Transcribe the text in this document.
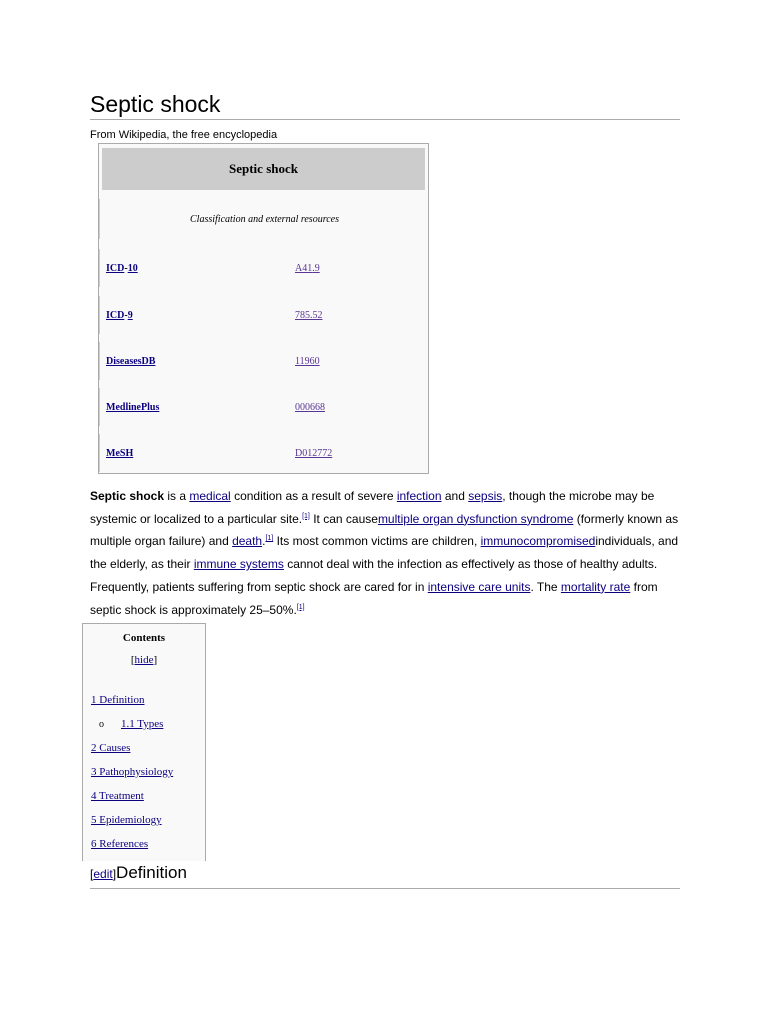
Septic shock
From Wikipedia, the free encyclopedia
Septic shock
Classification and external resources
ICD-10	A41.9
ICD-9	785.52
DiseasesDB	11960
MedlinePlus	000668
MeSH	D012772

Septic shock is a medical condition as a result of severe infection and sepsis, though the microbe may be systemic or localized to a particular site.[1] It can causemultiple organ dysfunction syndrome (formerly known as multiple organ failure) and death.[1] Its most common victims are children, immunocompromisedindividuals, and the elderly, as their immune systems cannot deal with the infection as effectively as those of healthy adults. Frequently, patients suffering from septic shock are cared for in intensive care units. The mortality rate from septic shock is approximately 25–50%.[1]

Contents
[hide]
1 Definition
o 1.1 Types
2 Causes
3 Pathophysiology
4 Treatment
5 Epidemiology
6 References
[edit]Definition
